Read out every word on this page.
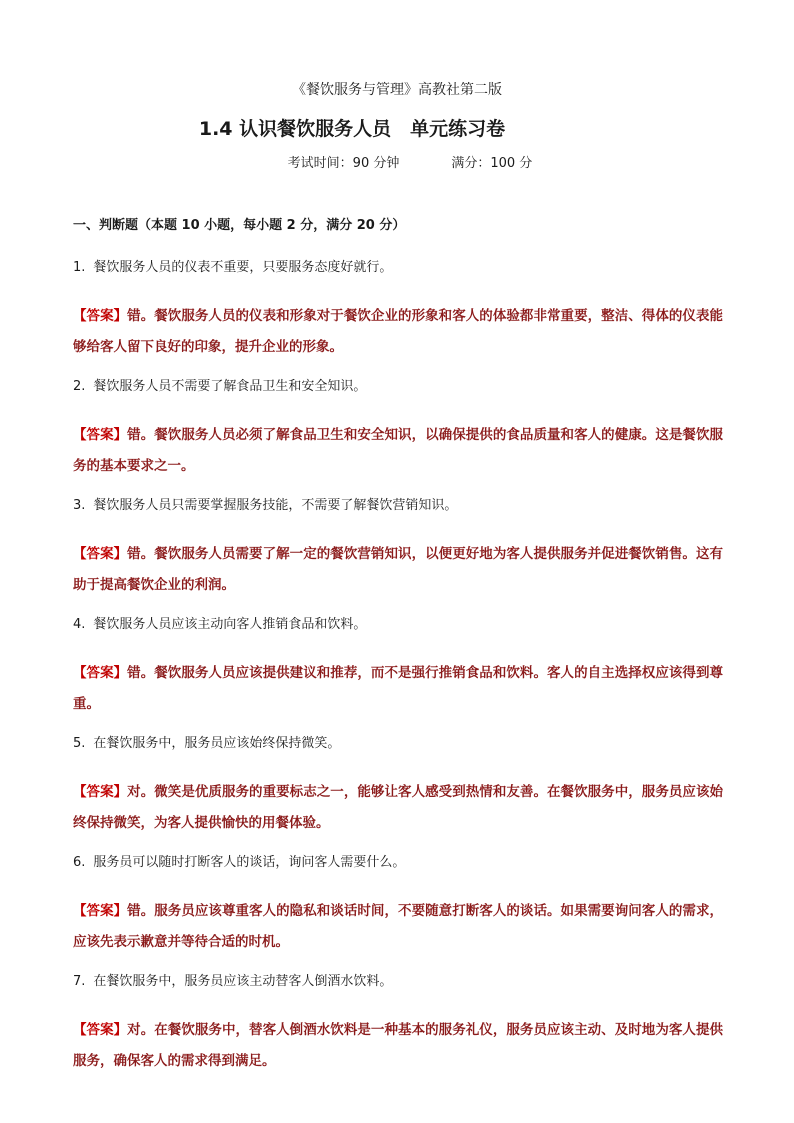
《餐饮服务与管理》高教社第二版
1.4 认识餐饮服务人员　单元练习卷
考试时间：90 分钟	满分：100 分
一、判断题（本题 10 小题，每小题 2 分，满分 20 分）
1. 餐饮服务人员的仪表不重要，只要服务态度好就行。
【答案】错。餐饮服务人员的仪表和形象对于餐饮企业的形象和客人的体验都非常重要，整洁、得体的仪表能够给客人留下良好的印象，提升企业的形象。
2. 餐饮服务人员不需要了解食品卫生和安全知识。
【答案】错。餐饮服务人员必须了解食品卫生和安全知识，以确保提供的食品质量和客人的健康。这是餐饮服务的基本要求之一。
3. 餐饮服务人员只需要掌握服务技能，不需要了解餐饮营销知识。
【答案】错。餐饮服务人员需要了解一定的餐饮营销知识，以便更好地为客人提供服务并促进餐饮销售。这有助于提高餐饮企业的利润。
4. 餐饮服务人员应该主动向客人推销食品和饮料。
【答案】错。餐饮服务人员应该提供建议和推荐，而不是强行推销食品和饮料。客人的自主选择权应该得到尊重。
5. 在餐饮服务中，服务员应该始终保持微笑。
【答案】对。微笑是优质服务的重要标志之一，能够让客人感受到热情和友善。在餐饮服务中，服务员应该始终保持微笑，为客人提供愉快的用餐体验。
6. 服务员可以随时打断客人的谈话，询问客人需要什么。
【答案】错。服务员应该尊重客人的隐私和谈话时间，不要随意打断客人的谈话。如果需要询问客人的需求，应该先表示歉意并等待合适的时机。
7. 在餐饮服务中，服务员应该主动替客人倒酒水饮料。
【答案】对。在餐饮服务中，替客人倒酒水饮料是一种基本的服务礼仪，服务员应该主动、及时地为客人提供服务，确保客人的需求得到满足。
